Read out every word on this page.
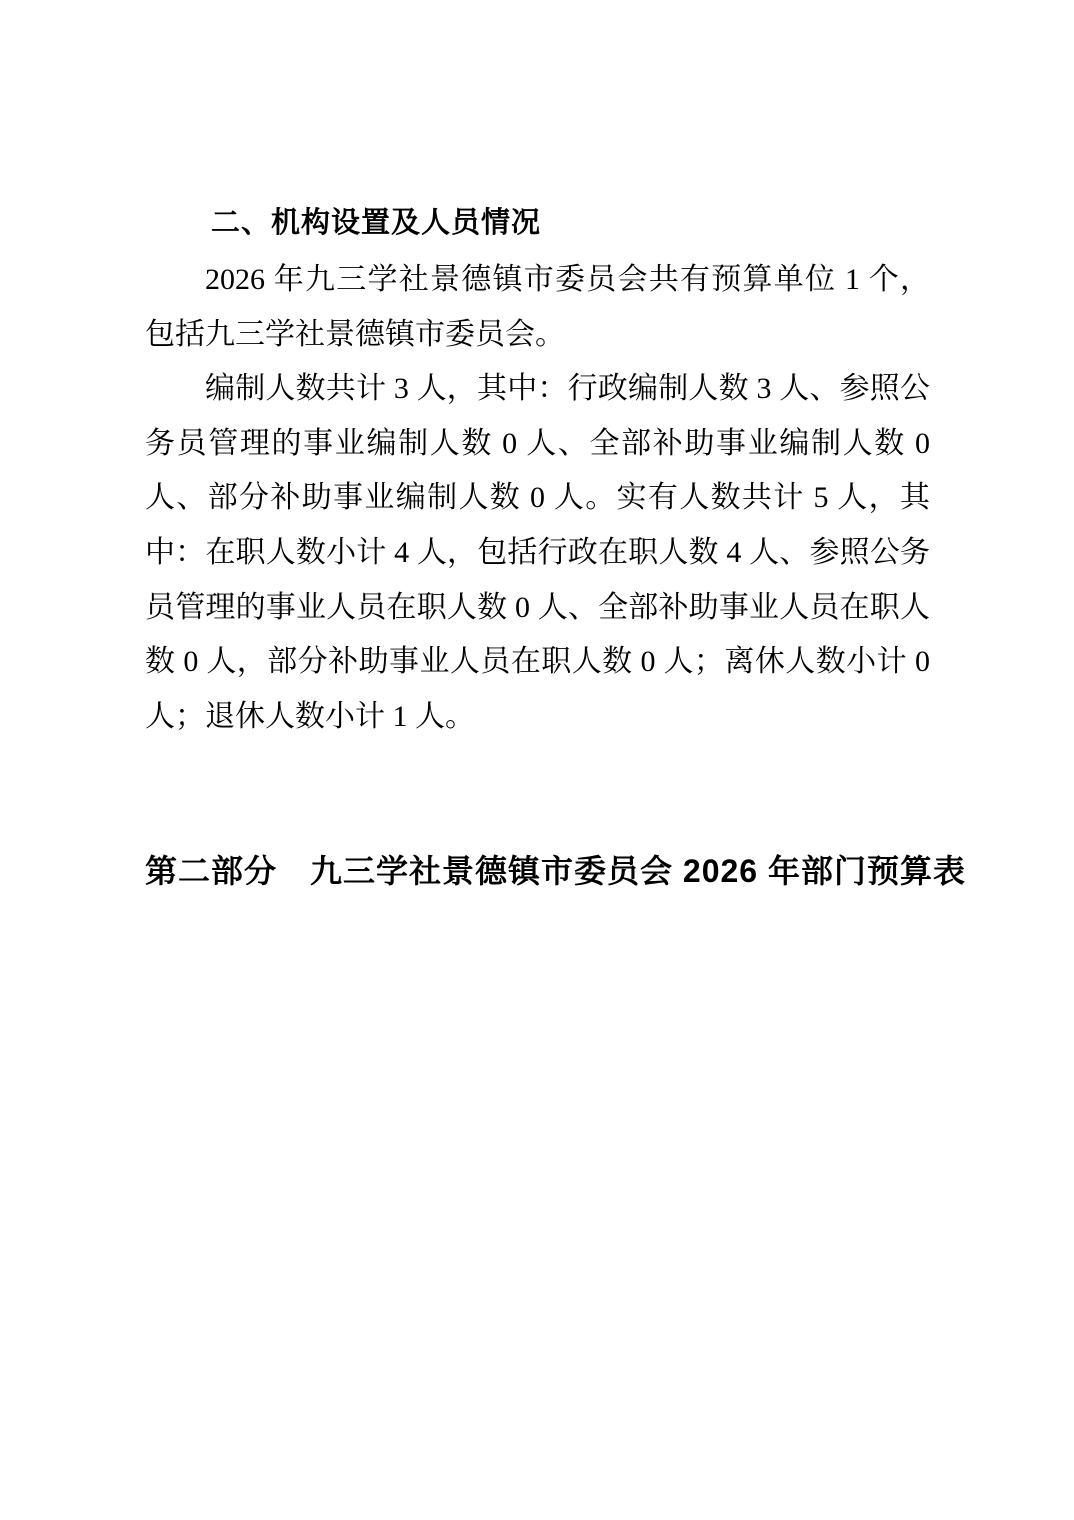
二、机构设置及人员情况

2026 年九三学社景德镇市委员会共有预算单位 1 个，包括九三学社景德镇市委员会。

编制人数共计 3 人，其中：行政编制人数 3 人、参照公务员管理的事业编制人数 0 人、全部补助事业编制人数 0 人、部分补助事业编制人数 0 人。实有人数共计 5 人，其中：在职人数小计 4 人，包括行政在职人数 4 人、参照公务员管理的事业人员在职人数 0 人、全部补助事业人员在职人数 0 人，部分补助事业人员在职人数 0 人；离休人数小计 0 人；退休人数小计 1 人。

第二部分　九三学社景德镇市委员会 2026 年部门预算表
